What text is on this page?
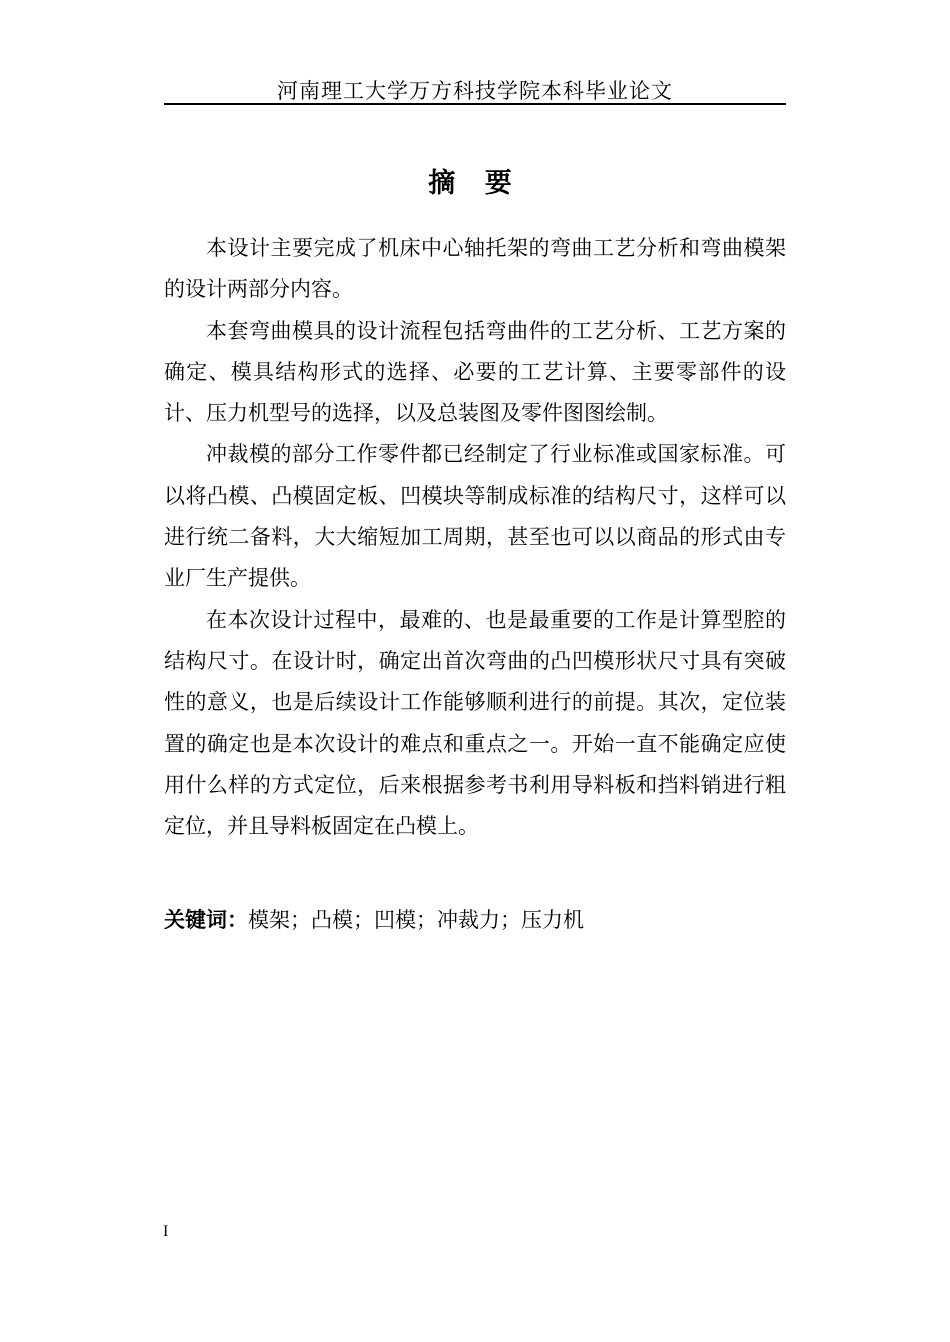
河南理工大学万方科技学院本科毕业论文
摘 要

本设计主要完成了机床中心轴托架的弯曲工艺分析和弯曲模架的设计两部分内容。

本套弯曲模具的设计流程包括弯曲件的工艺分析、工艺方案的确定、模具结构形式的选择、必要的工艺计算、主要零部件的设计、压力机型号的选择，以及总装图及零件图图绘制。

冲裁模的部分工作零件都已经制定了行业标准或国家标准。可以将凸模、凸模固定板、凹模块等制成标准的结构尺寸，这样可以进行统二备料，大大缩短加工周期，甚至也可以以商品的形式由专业厂生产提供。

在本次设计过程中，最难的、也是最重要的工作是计算型腔的结构尺寸。在设计时，确定出首次弯曲的凸凹模形状尺寸具有突破性的意义，也是后续设计工作能够顺利进行的前提。其次，定位装置的确定也是本次设计的难点和重点之一。开始一直不能确定应使用什么样的方式定位，后来根据参考书利用导料板和挡料销进行粗定位，并且导料板固定在凸模上。

关键词：模架；凸模；凹模；冲裁力；压力机
I
